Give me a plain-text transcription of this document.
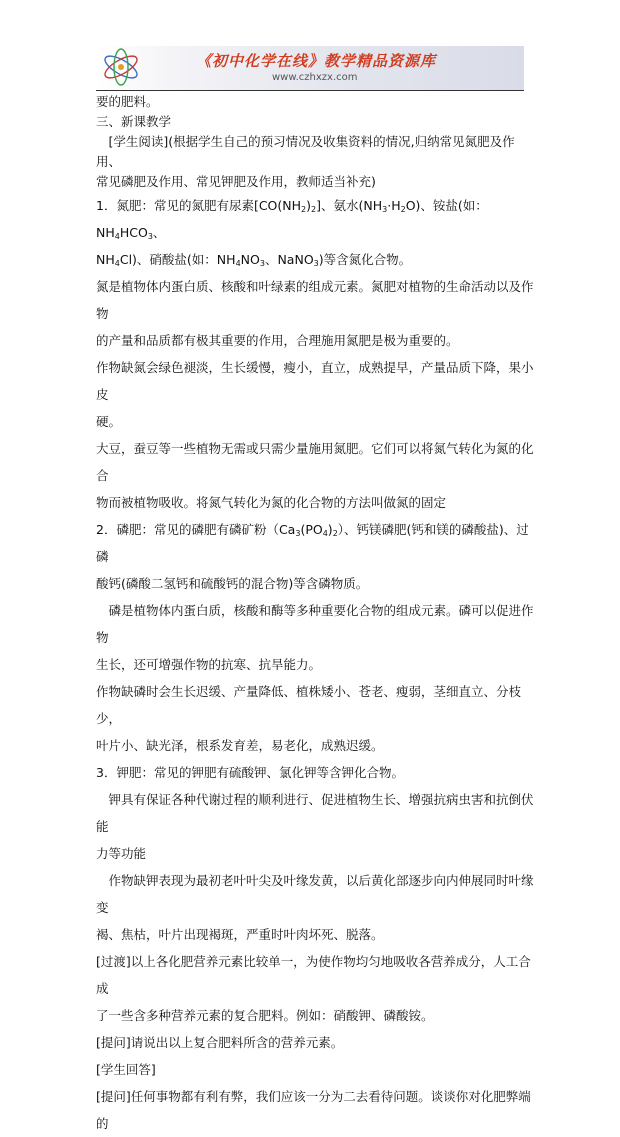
《初中化学在线》教学精品资源库
www.czhxzx.com

要的肥料。

三、新课教学

　[学生阅读](根据学生自己的预习情况及收集资料的情况,归纳常见氮肥及作用、

常见磷肥及作用、常见钾肥及作用，教师适当补充)

1．氮肥：常见的氮肥有尿素$[CO(NH_2)_2]$、氨水$(NH_3\cdot H_2O)$、铵盐(如：$NH_4HCO_3$、

$NH_4Cl$)、硝酸盐(如：$NH_4NO_3$、NaNO$_3$)等含氮化合物。

氮是植物体内蛋白质、核酸和叶绿素的组成元素。氮肥对植物的生命活动以及作物

的产量和品质都有极其重要的作用，合理施用氮肥是极为重要的。

作物缺氮会绿色褪淡，生长缓慢，瘦小，直立，成熟提早，产量品质下降，果小皮

硬。

大豆，蚕豆等一些植物无需或只需少量施用氮肥。它们可以将氮气转化为氮的化合

物而被植物吸收。将氮气转化为氮的化合物的方法叫做氮的固定

2．磷肥：常见的磷肥有磷矿粉$(Ca_3(PO_4)_2)$、钙镁磷肥(钙和镁的磷酸盐)、过磷

酸钙(磷酸二氢钙和硫酸钙的混合物)等含磷物质。

　磷是植物体内蛋白质，核酸和酶等多种重要化合物的组成元素。磷可以促进作物

生长，还可增强作物的抗寒、抗旱能力。

作物缺磷时会生长迟缓、产量降低、植株矮小、苍老、瘦弱，茎细直立、分枝少，

叶片小、缺光泽，根系发育差，易老化，成熟迟缓。

3．钾肥：常见的钾肥有硫酸钾、氯化钾等含钾化合物。

　钾具有保证各种代谢过程的顺利进行、促进植物生长、增强抗病虫害和抗倒伏能

力等功能

　作物缺钾表现为最初老叶叶尖及叶缘发黄，以后黄化部逐步向内伸展同时叶缘变

褐、焦枯，叶片出现褐斑，严重时叶肉坏死、脱落。

[过渡]以上各化肥营养元素比较单一，为使作物均匀地吸收各营养成分，人工合成

了一些含多种营养元素的复合肥料。例如：硝酸钾、磷酸铵。

[提问]请说出以上复合肥料所含的营养元素。

[学生回答]

[提问]任何事物都有利有弊，我们应该一分为二去看待问题。谈谈你对化肥弊端的
